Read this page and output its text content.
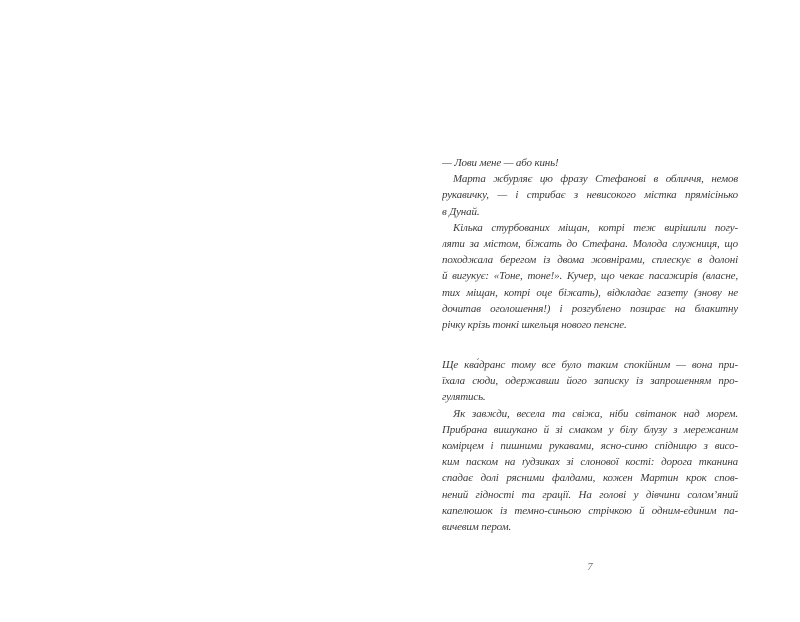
— Лови мене — або кинь!

Марта жбурляє цю фразу Стефанові в обличчя, немов
рукавичку, — і стрибає з невисокого містка прямісінько
в Дунай.

Кілька стурбованих міщан, котрі теж вирішили погу-
ляти за містом, біжать до Стефана. Молода служниця, що
походжала берегом із двома жовнірами, сплескує в долоні
й вигукує: «Тоне, тоне!». Кучер, що чекає пасажирів (власне,
тих міщан, котрі оце біжать), відкладає газету (знову не
дочитав оголошення!) і розгублено позирає на блакитну
річку крізь тонкі шкельця нового пенсне.

Ще ква́дранс тому все було таким спокійним — вона при-
їхала сюди, одержавши його записку із запрошенням про-
гулятись.

Як завжди, весела та свіжа, ніби світанок над морем.
Прибрана вишукано й зі смаком у білу блузу з мережаним
комірцем і пишними рукавами, ясно-синю спідницю з висо-
ким паском на ґудзиках зі слонової кості: дорога тканина
спадає долі рясними фалдами, кожен Мартин крок спов-
нений гідності та грації. На голові у дівчини солом’яний
капелюшок із темно-синьою стрічкою й одним-єдиним па-
вичевим пером.

7
